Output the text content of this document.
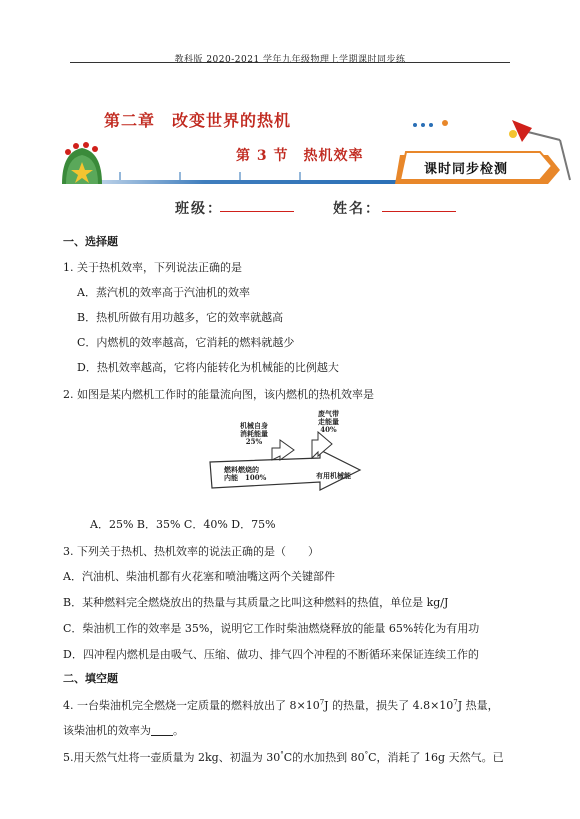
教科版 2020-2021 学年九年级物理上学期课时同步练
第二章　改变世界的热机
第 3 节　热机效率
课时同步检测
班级：	姓名：
一、选择题
1. 关于热机效率，下列说法正确的是
A．蒸汽机的效率高于汽油机的效率
B．热机所做有用功越多，它的效率就越高
C．内燃机的效率越高，它消耗的燃料就越少
D．热机效率越高，它将内能转化为机械能的比例越大
2. 如图是某内燃机工作时的能量流向图，该内燃机的热机效率是
机械自身
消耗能量
25%
废气带
走能量
40%
燃料燃烧的
内能　100%	有用机械能
A．25% B．35% C．40% D．75%
3. 下列关于热机、热机效率的说法正确的是（　　）
A．汽油机、柴油机都有火花塞和喷油嘴这两个关键部件
B．某种燃料完全燃烧放出的热量与其质量之比叫这种燃料的热值，单位是 kg/J
C．柴油机工作的效率是 35%，说明它工作时柴油燃烧释放的能量 65%转化为有用功
D．四冲程内燃机是由吸气、压缩、做功、排气四个冲程的不断循环来保证连续工作的
二、填空题
4. 一台柴油机完全燃烧一定质量的燃料放出了 $8\times 10^7J$ 的热量，损失了 $4.8\times 10^7J$ 热量，
该柴油机的效率为 。
5.用天然气灶将一壶质量为 2kg、初温为 30°C的水加热到 80°C，消耗了 16g 天然气。已
